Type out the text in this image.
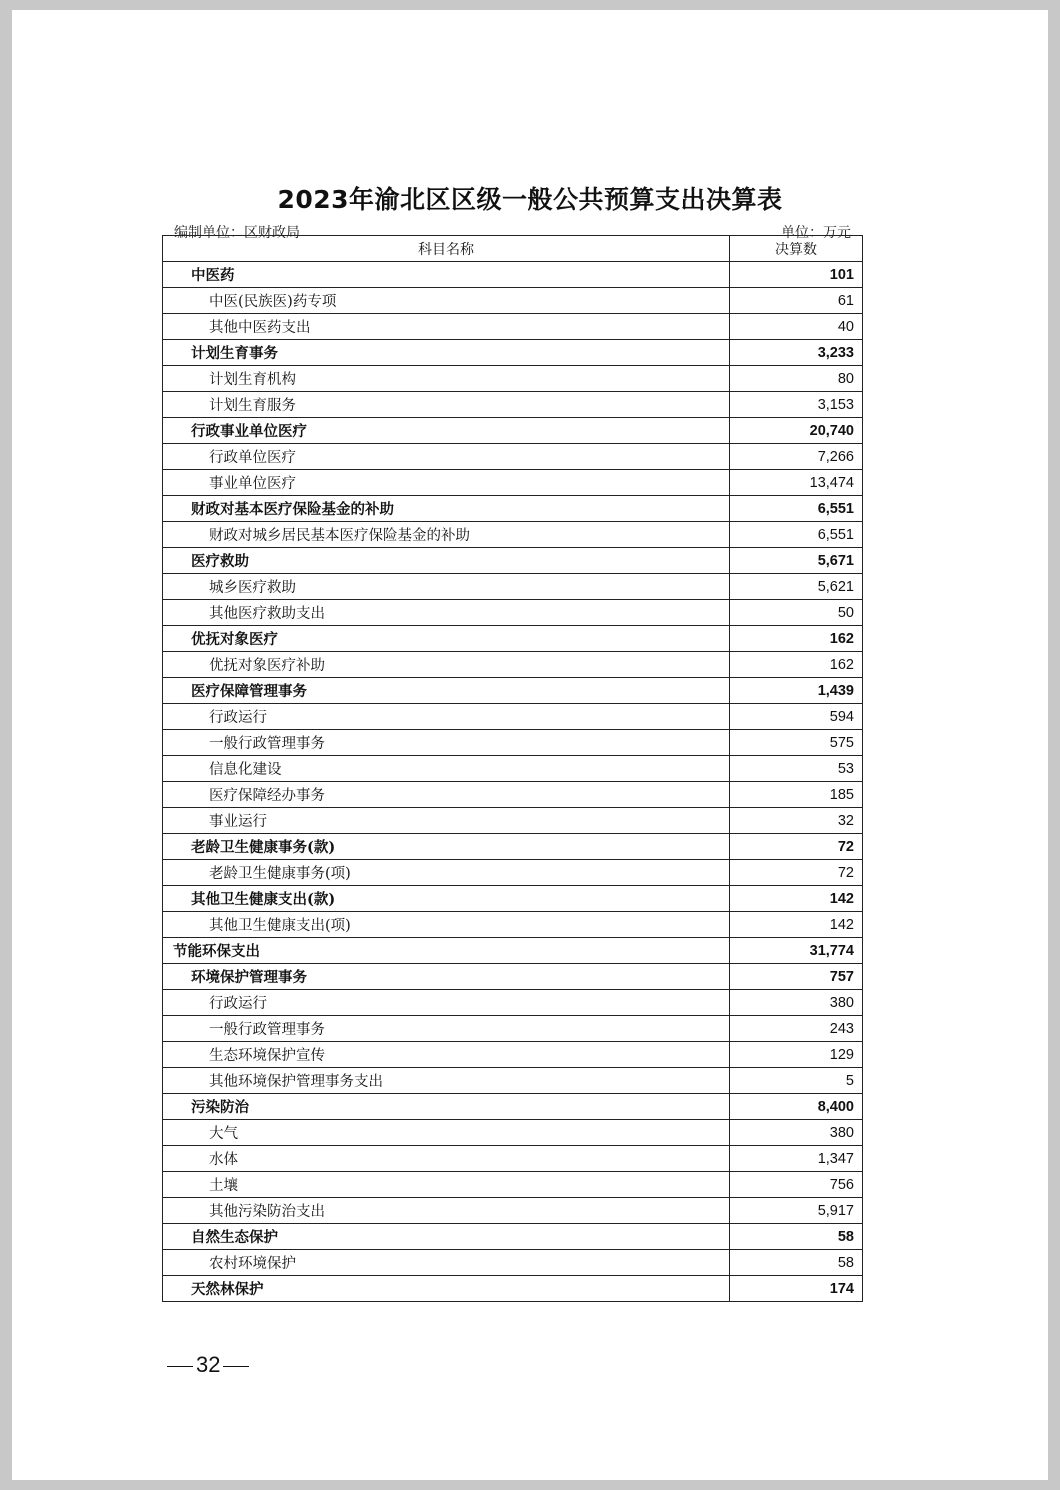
2023年渝北区区级一般公共预算支出决算表
编制单位：区财政局	单位：万元
科目名称	决算数
中医药	101
中医(民族医)药专项	61
其他中医药支出	40
计划生育事务	3,233
计划生育机构	80
计划生育服务	3,153
行政事业单位医疗	20,740
行政单位医疗	7,266
事业单位医疗	13,474
财政对基本医疗保险基金的补助	6,551
财政对城乡居民基本医疗保险基金的补助	6,551
医疗救助	5,671
城乡医疗救助	5,621
其他医疗救助支出	50
优抚对象医疗	162
优抚对象医疗补助	162
医疗保障管理事务	1,439
行政运行	594
一般行政管理事务	575
信息化建设	53
医疗保障经办事务	185
事业运行	32
老龄卫生健康事务(款)	72
老龄卫生健康事务(项)	72
其他卫生健康支出(款)	142
其他卫生健康支出(项)	142
节能环保支出	31,774
环境保护管理事务	757
行政运行	380
一般行政管理事务	243
生态环境保护宣传	129
其他环境保护管理事务支出	5
污染防治	8,400
大气	380
水体	1,347
土壤	756
其他污染防治支出	5,917
自然生态保护	58
农村环境保护	58
天然林保护	174
32
